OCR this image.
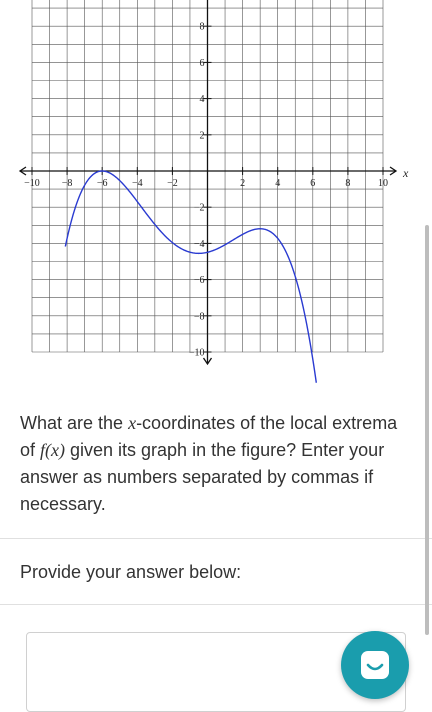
−10 −8 −6 −4 −2	2	4	6	8	10
8
6
4
2
−2
−4
−6
−8
−10
x
What are the x-coordinates of the local extrema of f(x) given its graph in the figure? Enter your answer as numbers separated by commas if necessary.
Provide your answer below:
